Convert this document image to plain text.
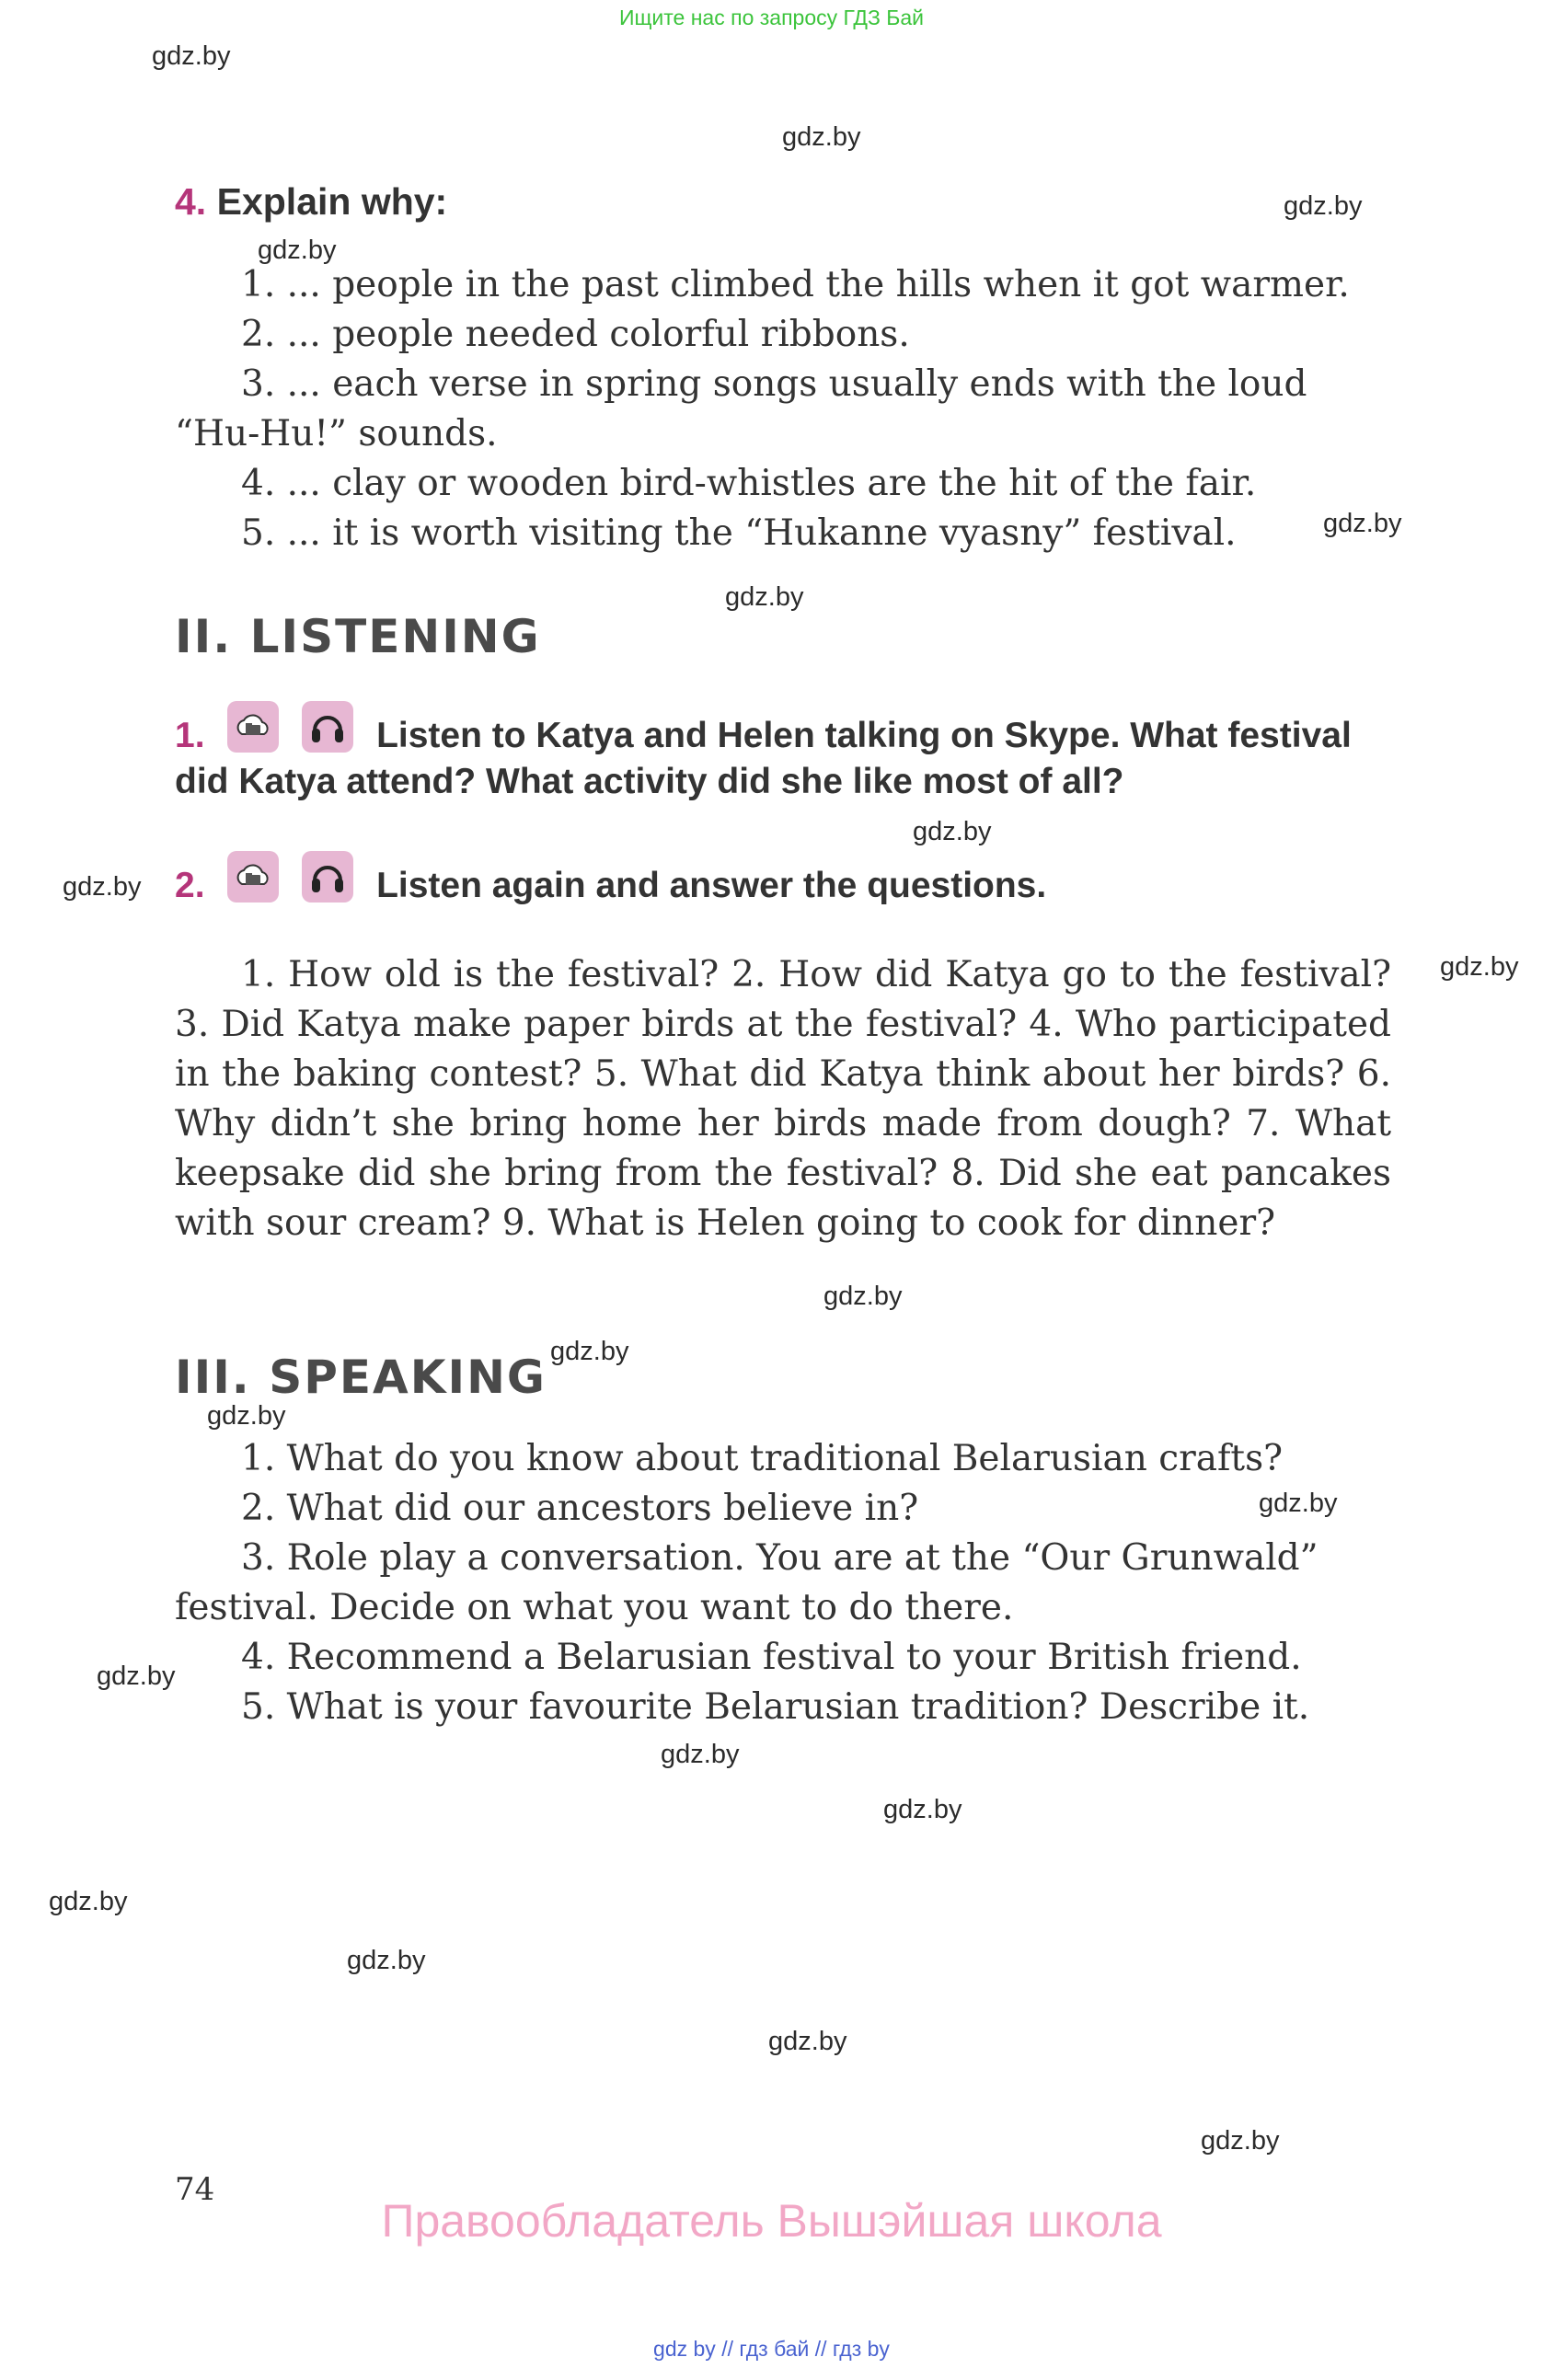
Ищите нас по запросу ГДЗ Бай
gdz.by
gdz.by
gdz.by
gdz.by
gdz.by
gdz.by
gdz.by
gdz.by
gdz.by
gdz.by
gdz.by
gdz.by
gdz.by
gdz.by
gdz.by
gdz.by
gdz.by
gdz.by
gdz.by
gdz.by
4. Explain why:
1. ... people in the past climbed the hills when it got warmer.
2. ... people needed colorful ribbons.
3. ... each verse in spring songs usually ends with the loud
“Hu-Hu!” sounds.
4. ... clay or wooden bird-whistles are the hit of the fair.
5. ... it is worth visiting the “Hukanne vyasny” festival.
II. LISTENING
1.
	Listen to Katya and Helen talking on Skype. What festival
did Katya attend? What activity did she like most of all?
2.
	Listen again and answer the questions.
1. How old is the festival? 2. How did Katya go to the festival? 3. Did Katya make paper birds at the festival? 4. Who participated in the baking contest? 5. What did Katya think about her birds? 6. Why didn’t she bring home her birds made from dough? 7. What keepsake did she bring from the festival? 8. Did she eat pancakes with sour cream? 9. What is Helen going to cook for dinner?
III. SPEAKING
1. What do you know about traditional Belarusian crafts?
2. What did our ancestors believe in?
3. Role play a conversation. You are at the “Our Grunwald”
festival. Decide on what you want to do there.
4. Recommend a Belarusian festival to your British friend.
5. What is your favourite Belarusian tradition? Describe it.
74
Правообладатель Вышэйшая школа
gdz by // гдз бай // гдз by
